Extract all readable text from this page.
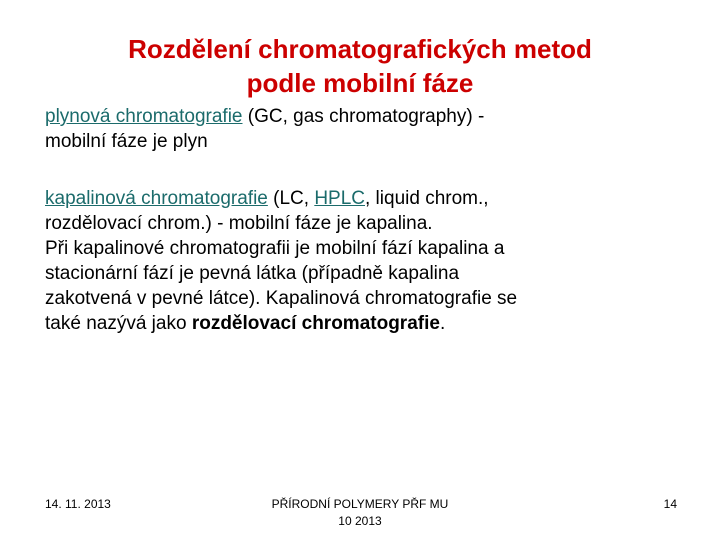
Rozdělení chromatografických metod
podle mobilní fáze
plynová chromatografie (GC, gas chromatography) -
mobilní fáze je plyn
kapalinová chromatografie (LC, HPLC, liquid chrom.,
rozdělovací chrom.) - mobilní fáze je kapalina.
Při kapalinové chromatografii je mobilní fází kapalina a
stacionární fází je pevná látka (případně kapalina
zakotvená v pevné látce). Kapalinová chromatografie se
také nazývá jako rozdělovací chromatografie.
14. 11. 2013	PŘÍRODNÍ POLYMERY PŘF MU
10 2013
14
